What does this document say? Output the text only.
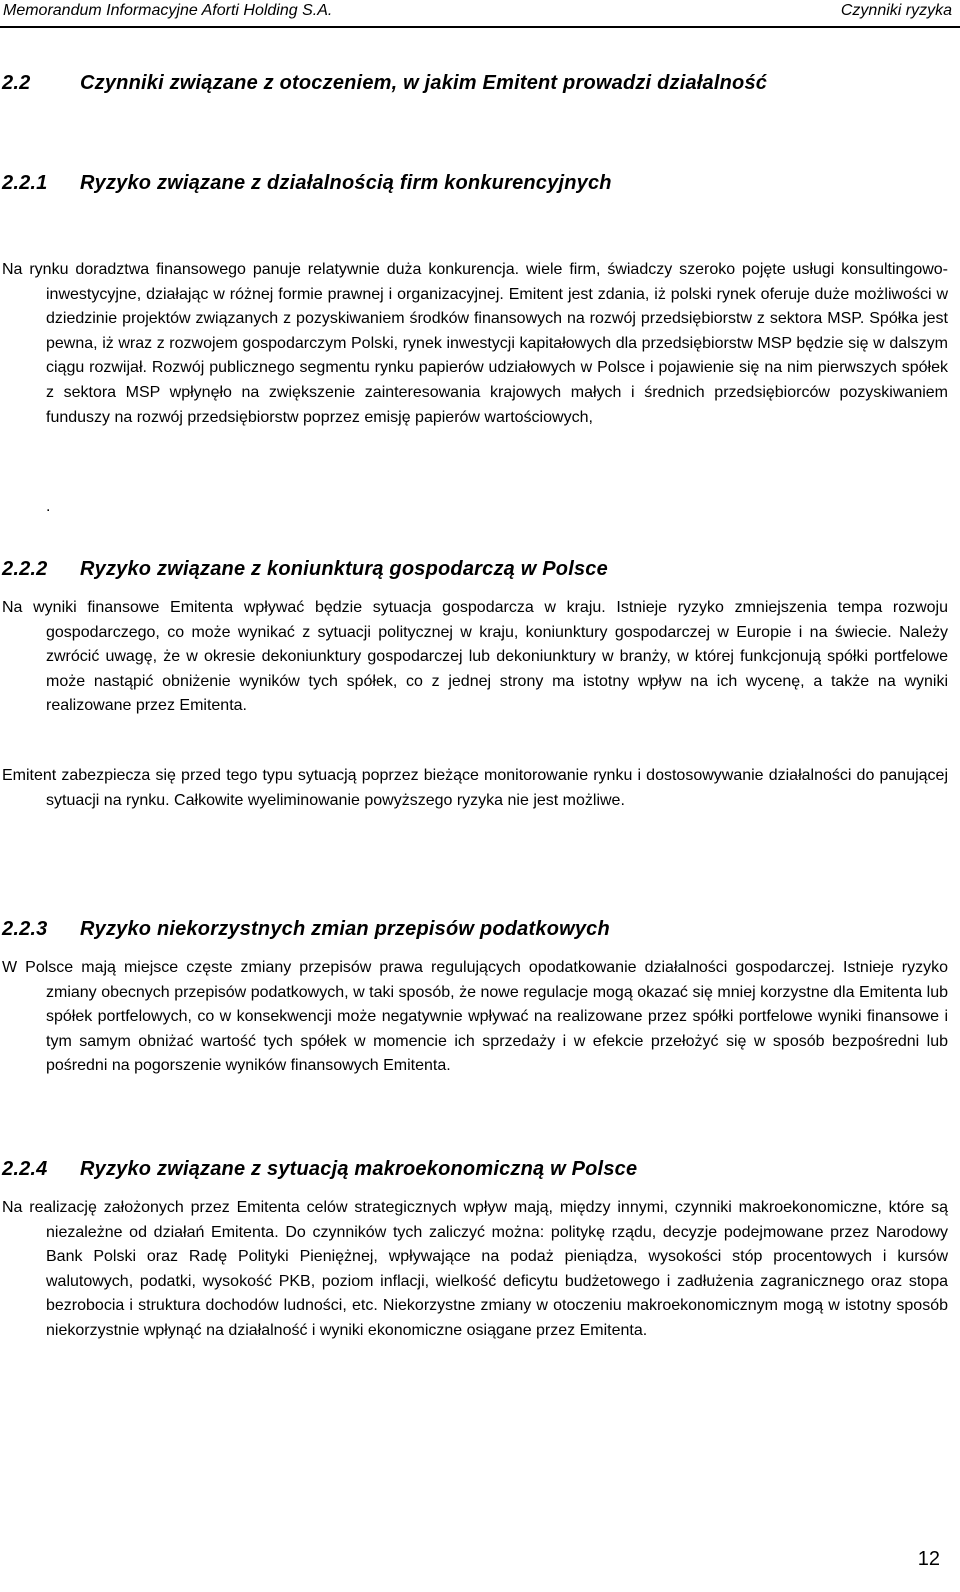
Memorandum Informacyjne Aforti Holding S.A.	Czynniki ryzyka
2.2 Czynniki związane z otoczeniem, w jakim Emitent prowadzi działalność
2.2.1 Ryzyko związane z działalnością firm konkurencyjnych

Na rynku doradztwa finansowego panuje relatywnie duża konkurencja. wiele firm, świadczy szeroko pojęte usługi konsultingowo-inwestycyjne, działając w różnej formie prawnej i organizacyjnej. Emitent jest zdania, iż polski rynek oferuje duże możliwości w dziedzinie projektów związanych z pozyskiwaniem środków finansowych na rozwój przedsiębiorstw z sektora MSP. Spółka jest pewna, iż wraz z rozwojem gospodarczym Polski, rynek inwestycji kapitałowych dla przedsiębiorstw MSP będzie się w dalszym ciągu rozwijał. Rozwój publicznego segmentu rynku papierów udziałowych w Polsce i pojawienie się na nim pierwszych spółek z sektora MSP wpłynęło na zwiększenie zainteresowania krajowych małych i średnich przedsiębiorców pozyskiwaniem funduszy na rozwój przedsiębiorstw poprzez emisję papierów wartościowych,

.
2.2.2 Ryzyko związane z koniunkturą gospodarczą w Polsce

Na wyniki finansowe Emitenta wpływać będzie sytuacja gospodarcza w kraju. Istnieje ryzyko zmniejszenia tempa rozwoju gospodarczego, co może wynikać z sytuacji politycznej w kraju, koniunktury gospodarczej w Europie i na świecie. Należy zwrócić uwagę, że w okresie dekoniunktury gospodarczej lub dekoniunktury w branży, w której funkcjonują spółki portfelowe może nastąpić obniżenie wyników tych spółek, co z jednej strony ma istotny wpływ na ich wycenę, a także na wyniki realizowane przez Emitenta.

Emitent zabezpiecza się przed tego typu sytuacją poprzez bieżące monitorowanie rynku i dostosowywanie działalności do panującej sytuacji na rynku. Całkowite wyeliminowanie powyższego ryzyka nie jest możliwe.

2.2.3 Ryzyko niekorzystnych zmian przepisów podatkowych

W Polsce mają miejsce częste zmiany przepisów prawa regulujących opodatkowanie działalności gospodarczej. Istnieje ryzyko zmiany obecnych przepisów podatkowych, w taki sposób, że nowe regulacje mogą okazać się mniej korzystne dla Emitenta lub spółek portfelowych, co w konsekwencji może negatywnie wpływać na realizowane przez spółki portfelowe wyniki finansowe i tym samym obniżać wartość tych spółek w momencie ich sprzedaży i w efekcie przełożyć się w sposób bezpośredni lub pośredni na pogorszenie wyników finansowych Emitenta.

2.2.4 Ryzyko związane z sytuacją makroekonomiczną w Polsce

Na realizację założonych przez Emitenta celów strategicznych wpływ mają, między innymi, czynniki makroekonomiczne, które są niezależne od działań Emitenta. Do czynników tych zaliczyć można: politykę rządu, decyzje podejmowane przez Narodowy Bank Polski oraz Radę Polityki Pieniężnej, wpływające na podaż pieniądza, wysokości stóp procentowych i kursów walutowych, podatki, wysokość PKB, poziom inflacji, wielkość deficytu budżetowego i zadłużenia zagranicznego oraz stopa bezrobocia i struktura dochodów ludności, etc. Niekorzystne zmiany w otoczeniu makroekonomicznym mogą w istotny sposób niekorzystnie wpłynąć na działalność i wyniki ekonomiczne osiągane przez Emitenta.

12
